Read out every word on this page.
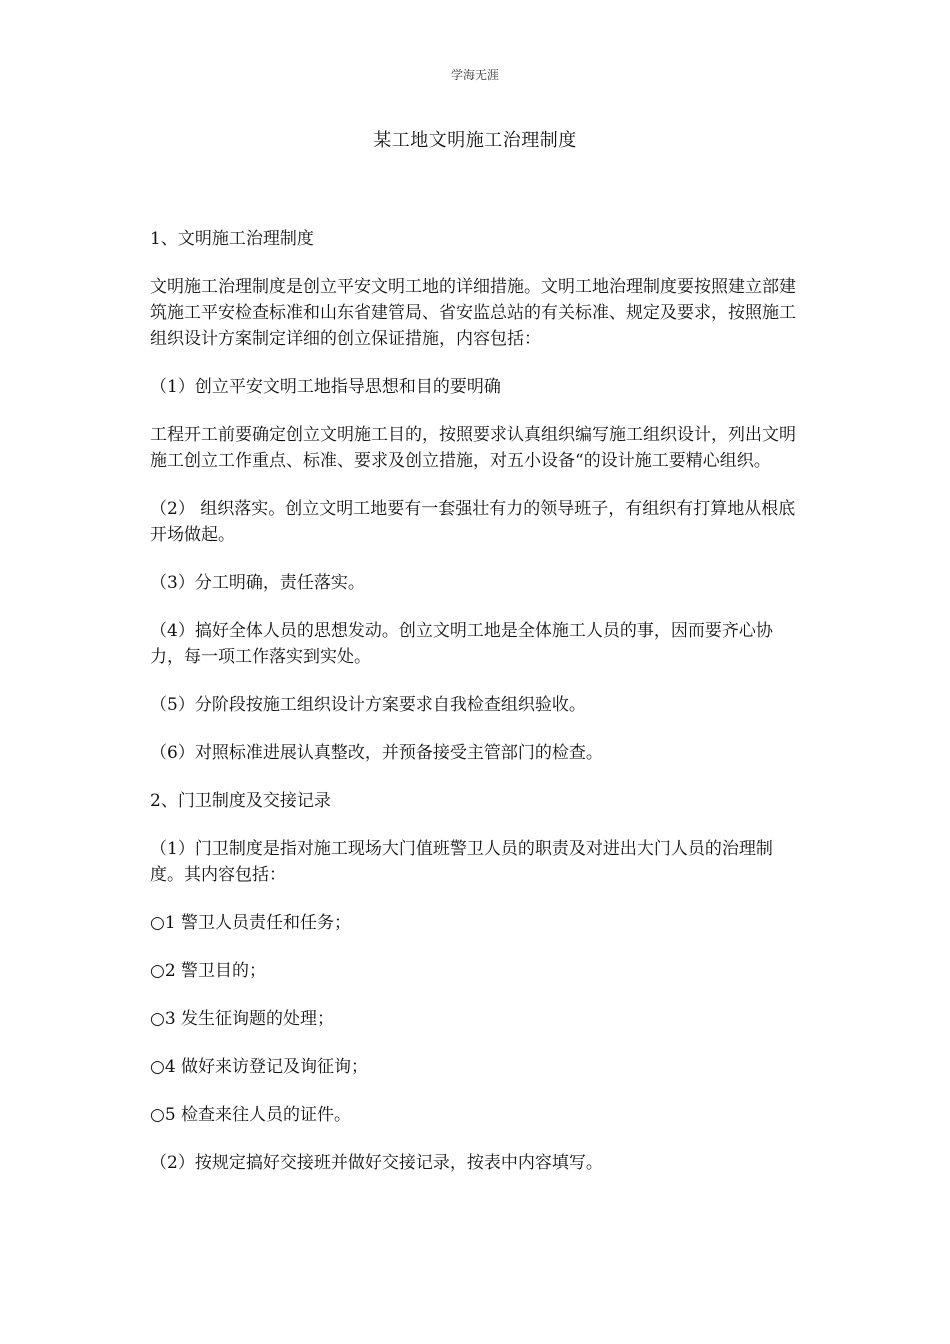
学海无涯
某工地文明施工治理制度

1、文明施工治理制度

文明施工治理制度是创立平安文明工地的详细措施。文明工地治理制度要按照建立部建筑施工平安检查标准和山东省建管局、省安监总站的有关标准、规定及要求，按照施工组织设计方案制定详细的创立保证措施，内容包括：

（1）创立平安文明工地指导思想和目的要明确

工程开工前要确定创立文明施工目的，按照要求认真组织编写施工组织设计，列出文明施工创立工作重点、标准、要求及创立措施，对五小设备“的设计施工要精心组织。

（2） 组织落实。创立文明工地要有一套强壮有力的领导班子，有组织有打算地从根底开场做起。

（3）分工明确，责任落实。

（4）搞好全体人员的思想发动。创立文明工地是全体施工人员的事，因而要齐心协力，每一项工作落实到实处。

（5）分阶段按施工组织设计方案要求自我检查组织验收。

（6）对照标准进展认真整改，并预备接受主管部门的检查。

2、门卫制度及交接记录

（1）门卫制度是指对施工现场大门值班警卫人员的职责及对进出大门人员的治理制度。其内容包括：

○1 警卫人员责任和任务；

○2 警卫目的；

○3 发生征询题的处理；

○4 做好来访登记及询征询；

○5 检查来往人员的证件。

（2）按规定搞好交接班并做好交接记录，按表中内容填写。
